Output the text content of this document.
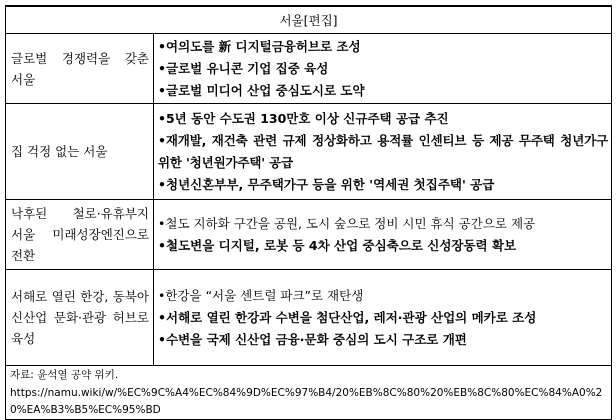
서울[편집]	
글로벌 경쟁력을 갖춘 서울	•여의도를 新 디지털금융허브로 조성
•글로벌 유니콘 기업 집중 육성
•글로벌 미디어 산업 중심도시로 도약

집 걱정 없는 서울	•5년 동안 수도권 130만호 이상 신규주택 공급 추진
•재개발, 재건축 관련 규제 정상화하고 용적률 인센티브 등 제공 무주택 청년가구 위한 '청년원가주택' 공급
•청년신혼부부, 무주택가구 등을 위한 '역세권 첫집주택' 공급

낙후된 철로·유휴부지 서울 미래성장엔진으로 전환	•철도 지하화 구간을 공원, 도시 숲으로 정비 시민 휴식 공간으로 제공
•철도변을 디지털, 로봇 등 4차 산업 중심축으로 신성장동력 확보

서해로 열린 한강, 동북아 신산업 문화·관광 허브로 육성	•한강을 “서울 센트럴 파크”로 재탄생
•서해로 열린 한강과 수변을 첨단산업, 레저·관광 산업의 메카로 조성
•수변을 국제 신산업 금융·문화 중심의 도시 구조로 개편

자료: 윤석열 공약 위키.
https://namu.wiki/w/%EC%9C%A4%EC%84%9D%EC%97%B4/20%EB%8C%80%20%EB%8C%80%EC%84%A0%20%EA%B3%B5%EC%95%BD	
